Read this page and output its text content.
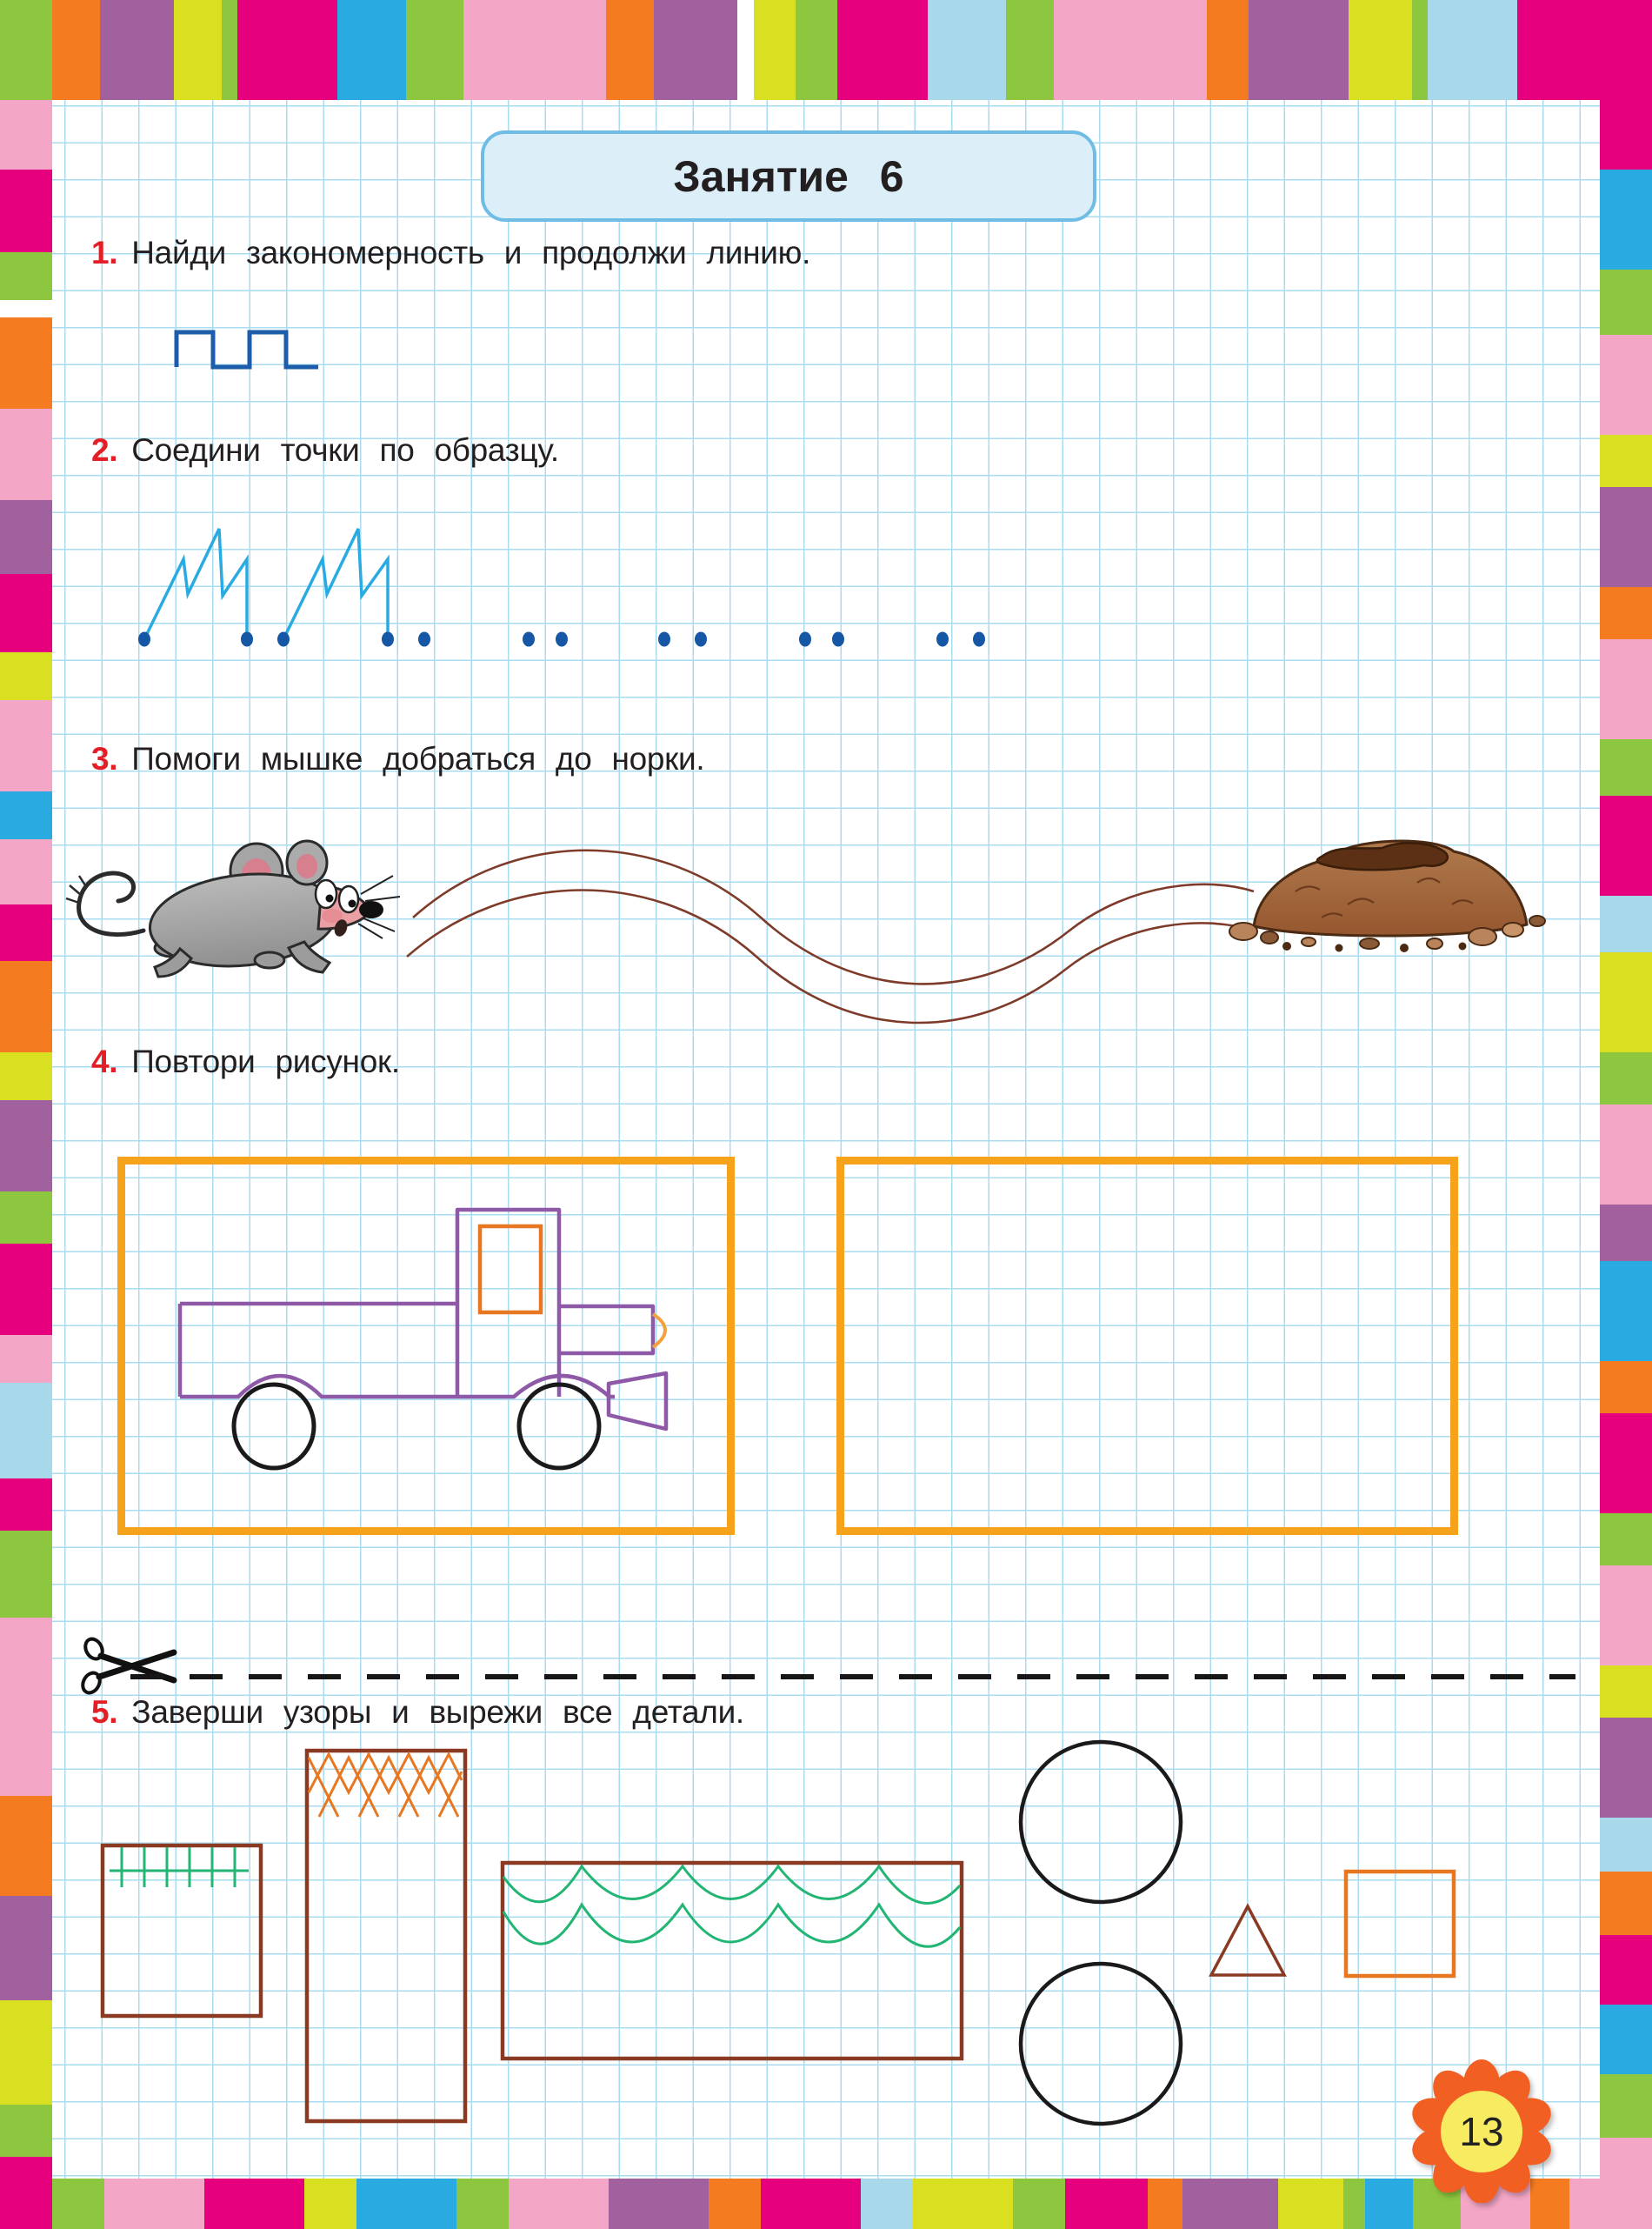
Занятие 6
1. Найди закономерность и продолжи линию.
2. Соедини точки по образцу.
3. Помоги мышке добраться до норки.
4. Повтори рисунок.
5. Заверши узоры и вырежи все детали.
13
